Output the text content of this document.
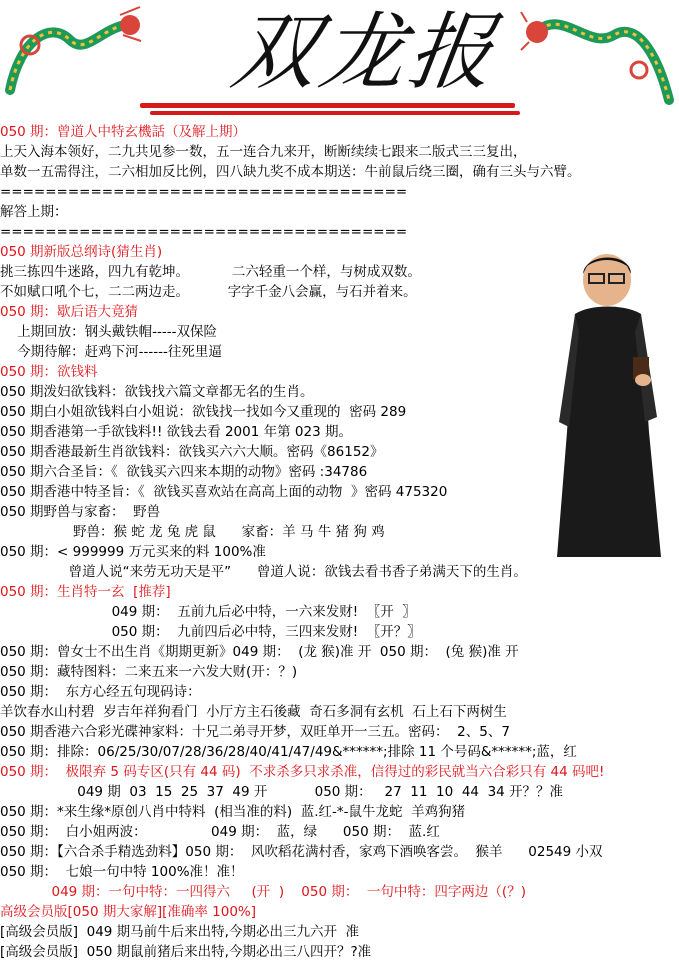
双龙报
050 期：曾道人中特玄機話（及解上期）
上天入海本领好，二九共见参一数，五一连合九来开，断断续续七跟来二版式三三复出，
单数一五需得注，二六相加反比例，四八缺九奖不成本期送：牛前鼠后绕三圈，确有三头与六臂。
====================================
解答上期：
====================================
050 期新版总纲诗(猜生肖)
挑三拣四牛迷路，四九有乾坤。          二六轻重一个样，与树成双数。
不如赋口吼个七，二二两边走。         字字千金八会赢，与石并着来。
050 期：歇后语大竟猜
上期回放：钢头戴铁帽-----双保险
今期待解：赶鸡下河------往死里逼
050 期：欲钱料
050 期泼妇欲钱料：欲钱找六篇文章都无名的生肖。
050 期白小姐欲钱料白小姐说：欲钱找一找如今又重现的  密码 289
050 期香港第一手欲钱料!! 欲钱去看 2001 年第 023 期。
050 期香港最新生肖欲钱料：欲钱买六六大顺。密码《86152》
050 期六合圣旨：《  欲钱买六四来本期的动物》密码 :34786
050 期香港中特圣旨：《  欲钱买喜欢站在高高上面的动物  》密码 475320
050 期野兽与家畜：  野兽
野兽：猴 蛇 龙 兔 虎 鼠      家畜：羊 马 牛 猪 狗 鸡
050 期：< 999999 万元买来的料 100%准
曾道人说“来劳无功天是平”      曾道人说：欲钱去看书香子弟满天下的生肖。
050 期：生肖特一玄  [推荐]
049 期：  五前九后必中特，一六来发财!  〖开  〗
050 期：  九前四后必中特，三四来发财!  〖开？〗
050 期：曾女士不出生肖《期期更新》049 期：  (龙 猴)准 开  050 期：  (兔 猴)准 开
050 期：藏特图料：二来五来一六发大财(开：？)
050 期：  东方心经五句现码诗：
羊饮春水山村碧  岁吉年祥狗看门  小厅方主石後藏  奇石多洞有玄机  石上石下两树生
050 期香港六合彩光碟神家料：十兄二弟寻开梦，双旺单开一三五。密码：  2、5、7
050 期：排除：06/25/30/07/28/36/28/40/41/47/49&******;排除 11 个号码&******;蓝，红
050 期：  极限弃 5 码专区(只有 44 码)  不求杀多只求杀准，信得过的彩民就当六合彩只有 44 码吧!
049 期  03  15  25  37  49 开           050 期：   27  11  10  44  34 开？？准
050 期：*来生缘*原创八肖中特料  (相当准的料)  蓝.红-*-鼠牛龙蛇  羊鸡狗猪
050 期：  白小姐两波：               049 期：  蓝，绿      050 期：  蓝.红
050 期：【六合杀手精选劲料】050 期：  风吹稻花满村香，家鸡下酒唤客尝。  猴羊      02549 小双
050 期：  七娘一句中特 100%准！准！
049 期：一句中特：一四得六     (开  )    050 期：  一句中特：四字两边（(？)
高级会员版[050 期大家解][准确率 100%]
[高级会员版]  049 期马前牛后来出特,今期必出三九六开  准
[高级会员版]  050 期鼠前猪后来出特,今期必出三八四开？?准
